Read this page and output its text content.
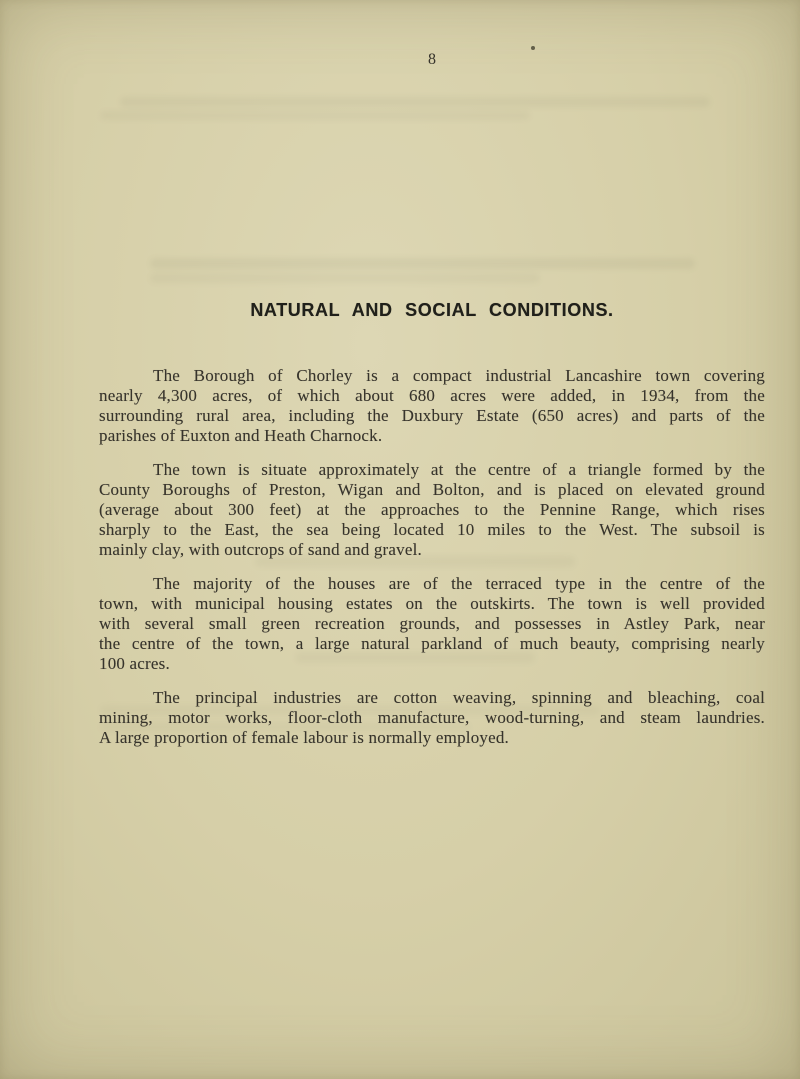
8
NATURAL AND SOCIAL CONDITIONS.
The Borough of Chorley is a compact industrial Lancashire town covering
nearly 4,300 acres, of which about 680 acres were added, in 1934, from the
surrounding rural area, including the Duxbury Estate (650 acres) and parts of the
parishes of Euxton and Heath Charnock.
The town is situate approximately at the centre of a triangle formed by the
County Boroughs of Preston, Wigan and Bolton, and is placed on elevated ground
(average about 300 feet) at the approaches to the Pennine Range, which rises
sharply to the East, the sea being located 10 miles to the West. The subsoil is
mainly clay, with outcrops of sand and gravel.
The majority of the houses are of the terraced type in the centre of the
town, with municipal housing estates on the outskirts. The town is well provided
with several small green recreation grounds, and possesses in Astley Park, near
the centre of the town, a large natural parkland of much beauty, comprising nearly
100 acres.
The principal industries are cotton weaving, spinning and bleaching, coal
mining, motor works, floor-cloth manufacture, wood-turning, and steam laundries.
A large proportion of female labour is normally employed.
